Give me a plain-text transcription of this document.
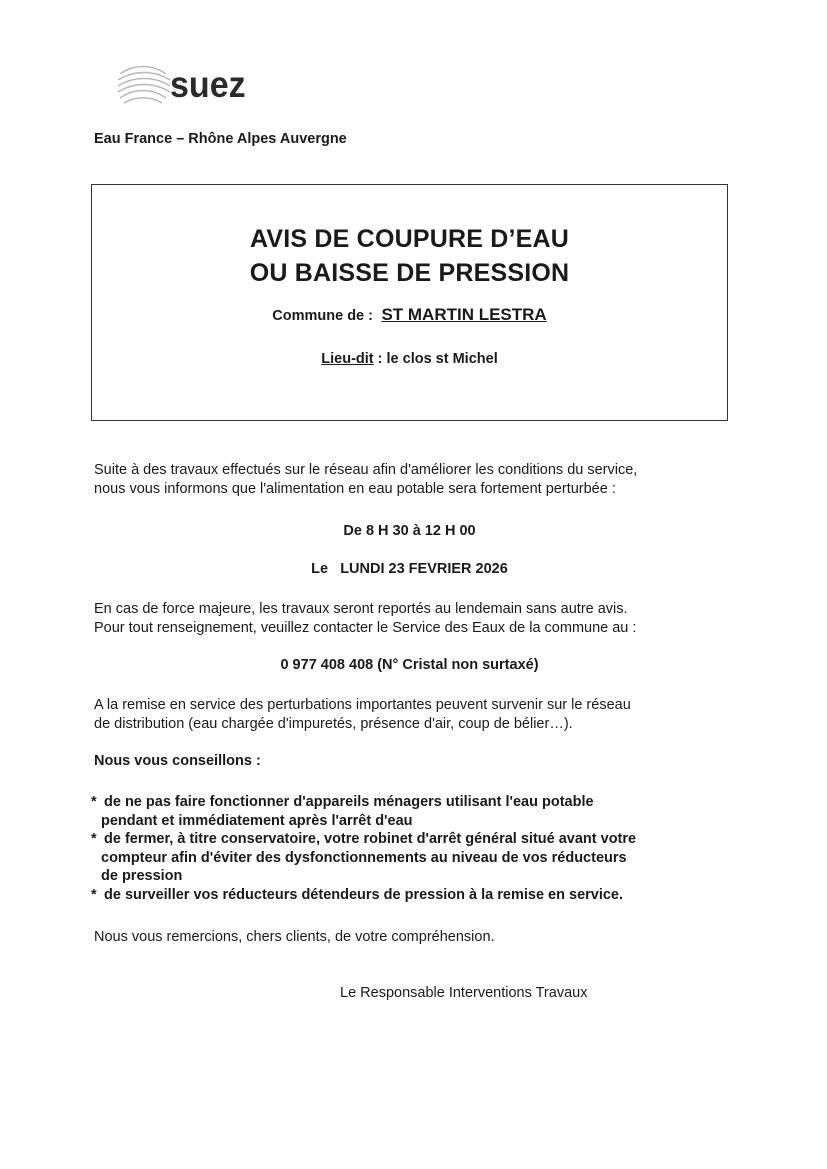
suez
Eau France – Rhône Alpes Auvergne
AVIS DE COUPURE D’EAU
OU BAISSE DE PRESSION
Commune de : ST MARTIN LESTRA
Lieu-dit : le clos st Michel
Suite à des travaux effectués sur le réseau afin d'améliorer les conditions du service,
nous vous informons que l'alimentation en eau potable sera fortement perturbée :
De 8 H 30 à 12 H 00
Le LUNDI 23 FEVRIER 2026
En cas de force majeure, les travaux seront reportés au lendemain sans autre avis.
Pour tout renseignement, veuillez contacter le Service des Eaux de la commune au :
0 977 408 408 (N° Cristal non surtaxé)
A la remise en service des perturbations importantes peuvent survenir sur le réseau
de distribution (eau chargée d'impuretés, présence d'air, coup de bélier…).
Nous vous conseillons :
* de ne pas faire fonctionner d'appareils ménagers utilisant l'eau potable
pendant et immédiatement après l'arrêt d'eau
* de fermer, à titre conservatoire, votre robinet d'arrêt général situé avant votre
compteur afin d'éviter des dysfonctionnements au niveau de vos réducteurs
de pression
* de surveiller vos réducteurs détendeurs de pression à la remise en service.
Nous vous remercions, chers clients, de votre compréhension.
Le Responsable Interventions Travaux
